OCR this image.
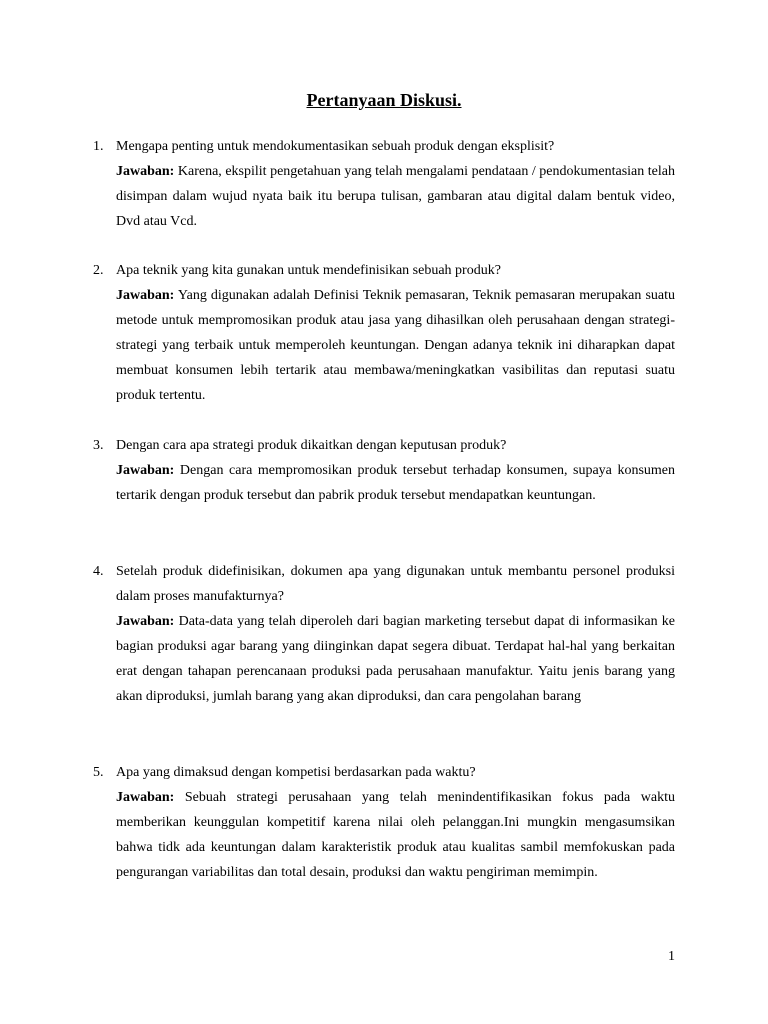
Pertanyaan Diskusi.
1. Mengapa penting untuk mendokumentasikan sebuah produk dengan eksplisit?
Jawaban: Karena, ekspilit pengetahuan yang telah mengalami pendataan / pendokumentasian telah disimpan dalam wujud nyata baik itu berupa tulisan, gambaran atau digital dalam bentuk video, Dvd atau Vcd.
2. Apa teknik yang kita gunakan untuk mendefinisikan sebuah produk?
Jawaban: Yang digunakan adalah Definisi Teknik pemasaran, Teknik pemasaran merupakan suatu metode untuk mempromosikan produk atau jasa yang dihasilkan oleh perusahaan dengan strategi-strategi yang terbaik untuk memperoleh keuntungan. Dengan adanya teknik ini diharapkan dapat membuat konsumen lebih tertarik atau membawa/meningkatkan vasibilitas dan reputasi suatu produk tertentu.
3. Dengan cara apa strategi produk dikaitkan dengan keputusan produk?
Jawaban: Dengan cara mempromosikan produk tersebut terhadap konsumen, supaya konsumen tertarik dengan produk tersebut dan pabrik produk tersebut mendapatkan keuntungan.
4. Setelah produk didefinisikan, dokumen apa yang digunakan untuk membantu personel produksi dalam proses manufakturnya?
Jawaban: Data-data yang telah diperoleh dari bagian marketing tersebut dapat di informasikan ke bagian produksi agar barang yang diinginkan dapat segera dibuat. Terdapat hal-hal yang berkaitan erat dengan tahapan perencanaan produksi pada perusahaan manufaktur. Yaitu jenis barang yang akan diproduksi, jumlah barang yang akan diproduksi, dan cara pengolahan barang
5. Apa yang dimaksud dengan kompetisi berdasarkan pada waktu?
Jawaban: Sebuah strategi perusahaan yang telah menindentifikasikan fokus pada waktu memberikan keunggulan kompetitif karena nilai oleh pelanggan.Ini mungkin mengasumsikan bahwa tidk ada keuntungan dalam karakteristik produk atau kualitas sambil memfokuskan pada pengurangan variabilitas dan total desain, produksi dan waktu pengiriman memimpin.
1
